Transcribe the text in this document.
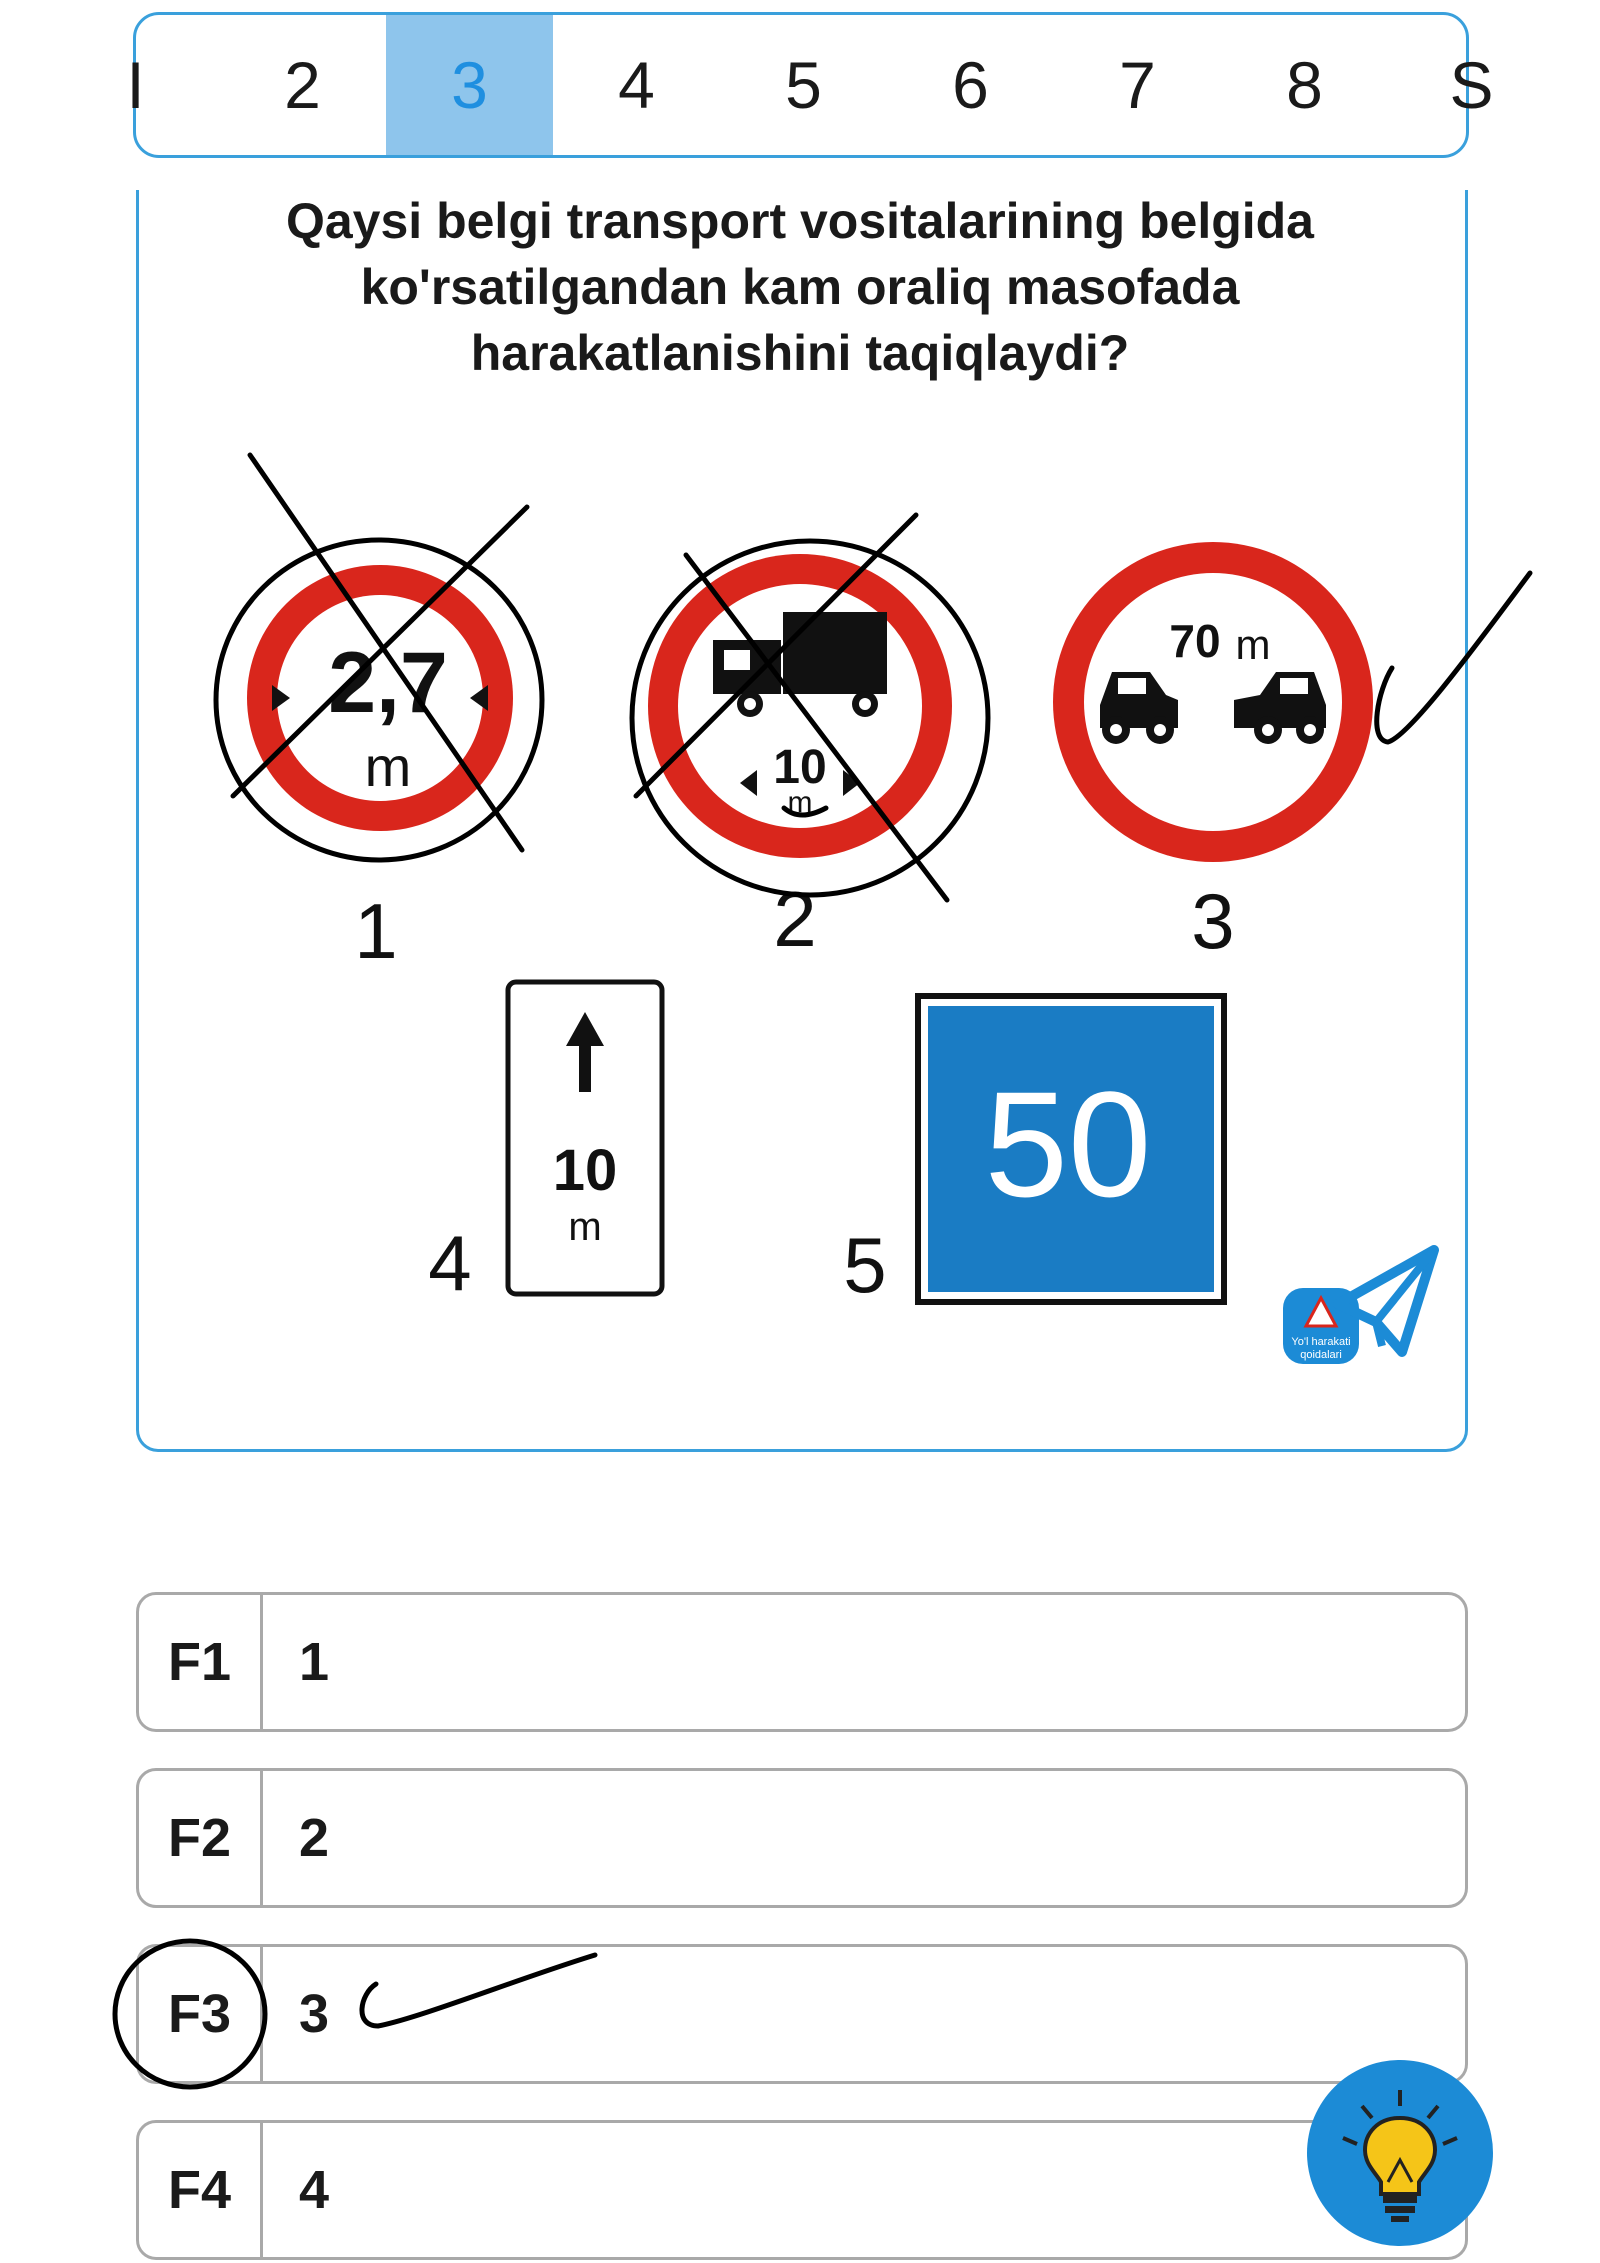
I 2 3 4 5 6 7 8 S
Qaysi belgi transport vositalarining belgida
ko'rsatilgandan kam oraliq masofada
harakatlanishini taqiqlaydi?
2,7
m
1
10
m
2
70 m
3
10
m
4
50
5
Yo'l harakati
qoidalari
F1	1
F2	2
F3	3
F4	4
